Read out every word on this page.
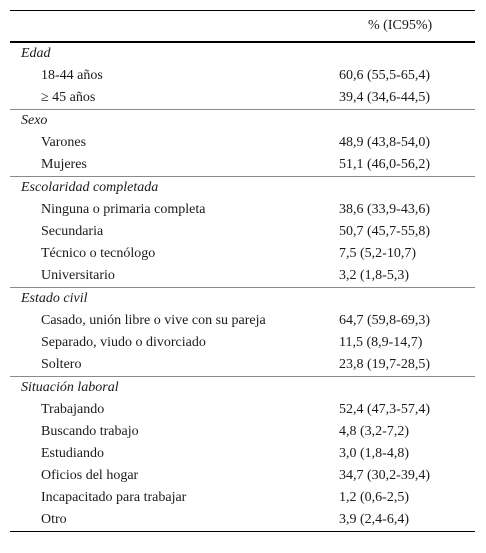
% (IC95%)
Edad
18-44 años	60,6 (55,5-65,4)
≥ 45 años	39,4 (34,6-44,5)
Sexo
Varones	48,9 (43,8-54,0)
Mujeres	51,1 (46,0-56,2)
Escolaridad completada
Ninguna o primaria completa	38,6 (33,9-43,6)
Secundaria	50,7 (45,7-55,8)
Técnico o tecnólogo	7,5 (5,2-10,7)
Universitario	3,2 (1,8-5,3)
Estado civil
Casado, unión libre o vive con su pareja	64,7 (59,8-69,3)
Separado, viudo o divorciado	11,5 (8,9-14,7)
Soltero	23,8 (19,7-28,5)
Situación laboral
Trabajando	52,4 (47,3-57,4)
Buscando trabajo	4,8 (3,2-7,2)
Estudiando	3,0 (1,8-4,8)
Oficios del hogar	34,7 (30,2-39,4)
Incapacitado para trabajar	1,2 (0,6-2,5)
Otro	3,9 (2,4-6,4)
